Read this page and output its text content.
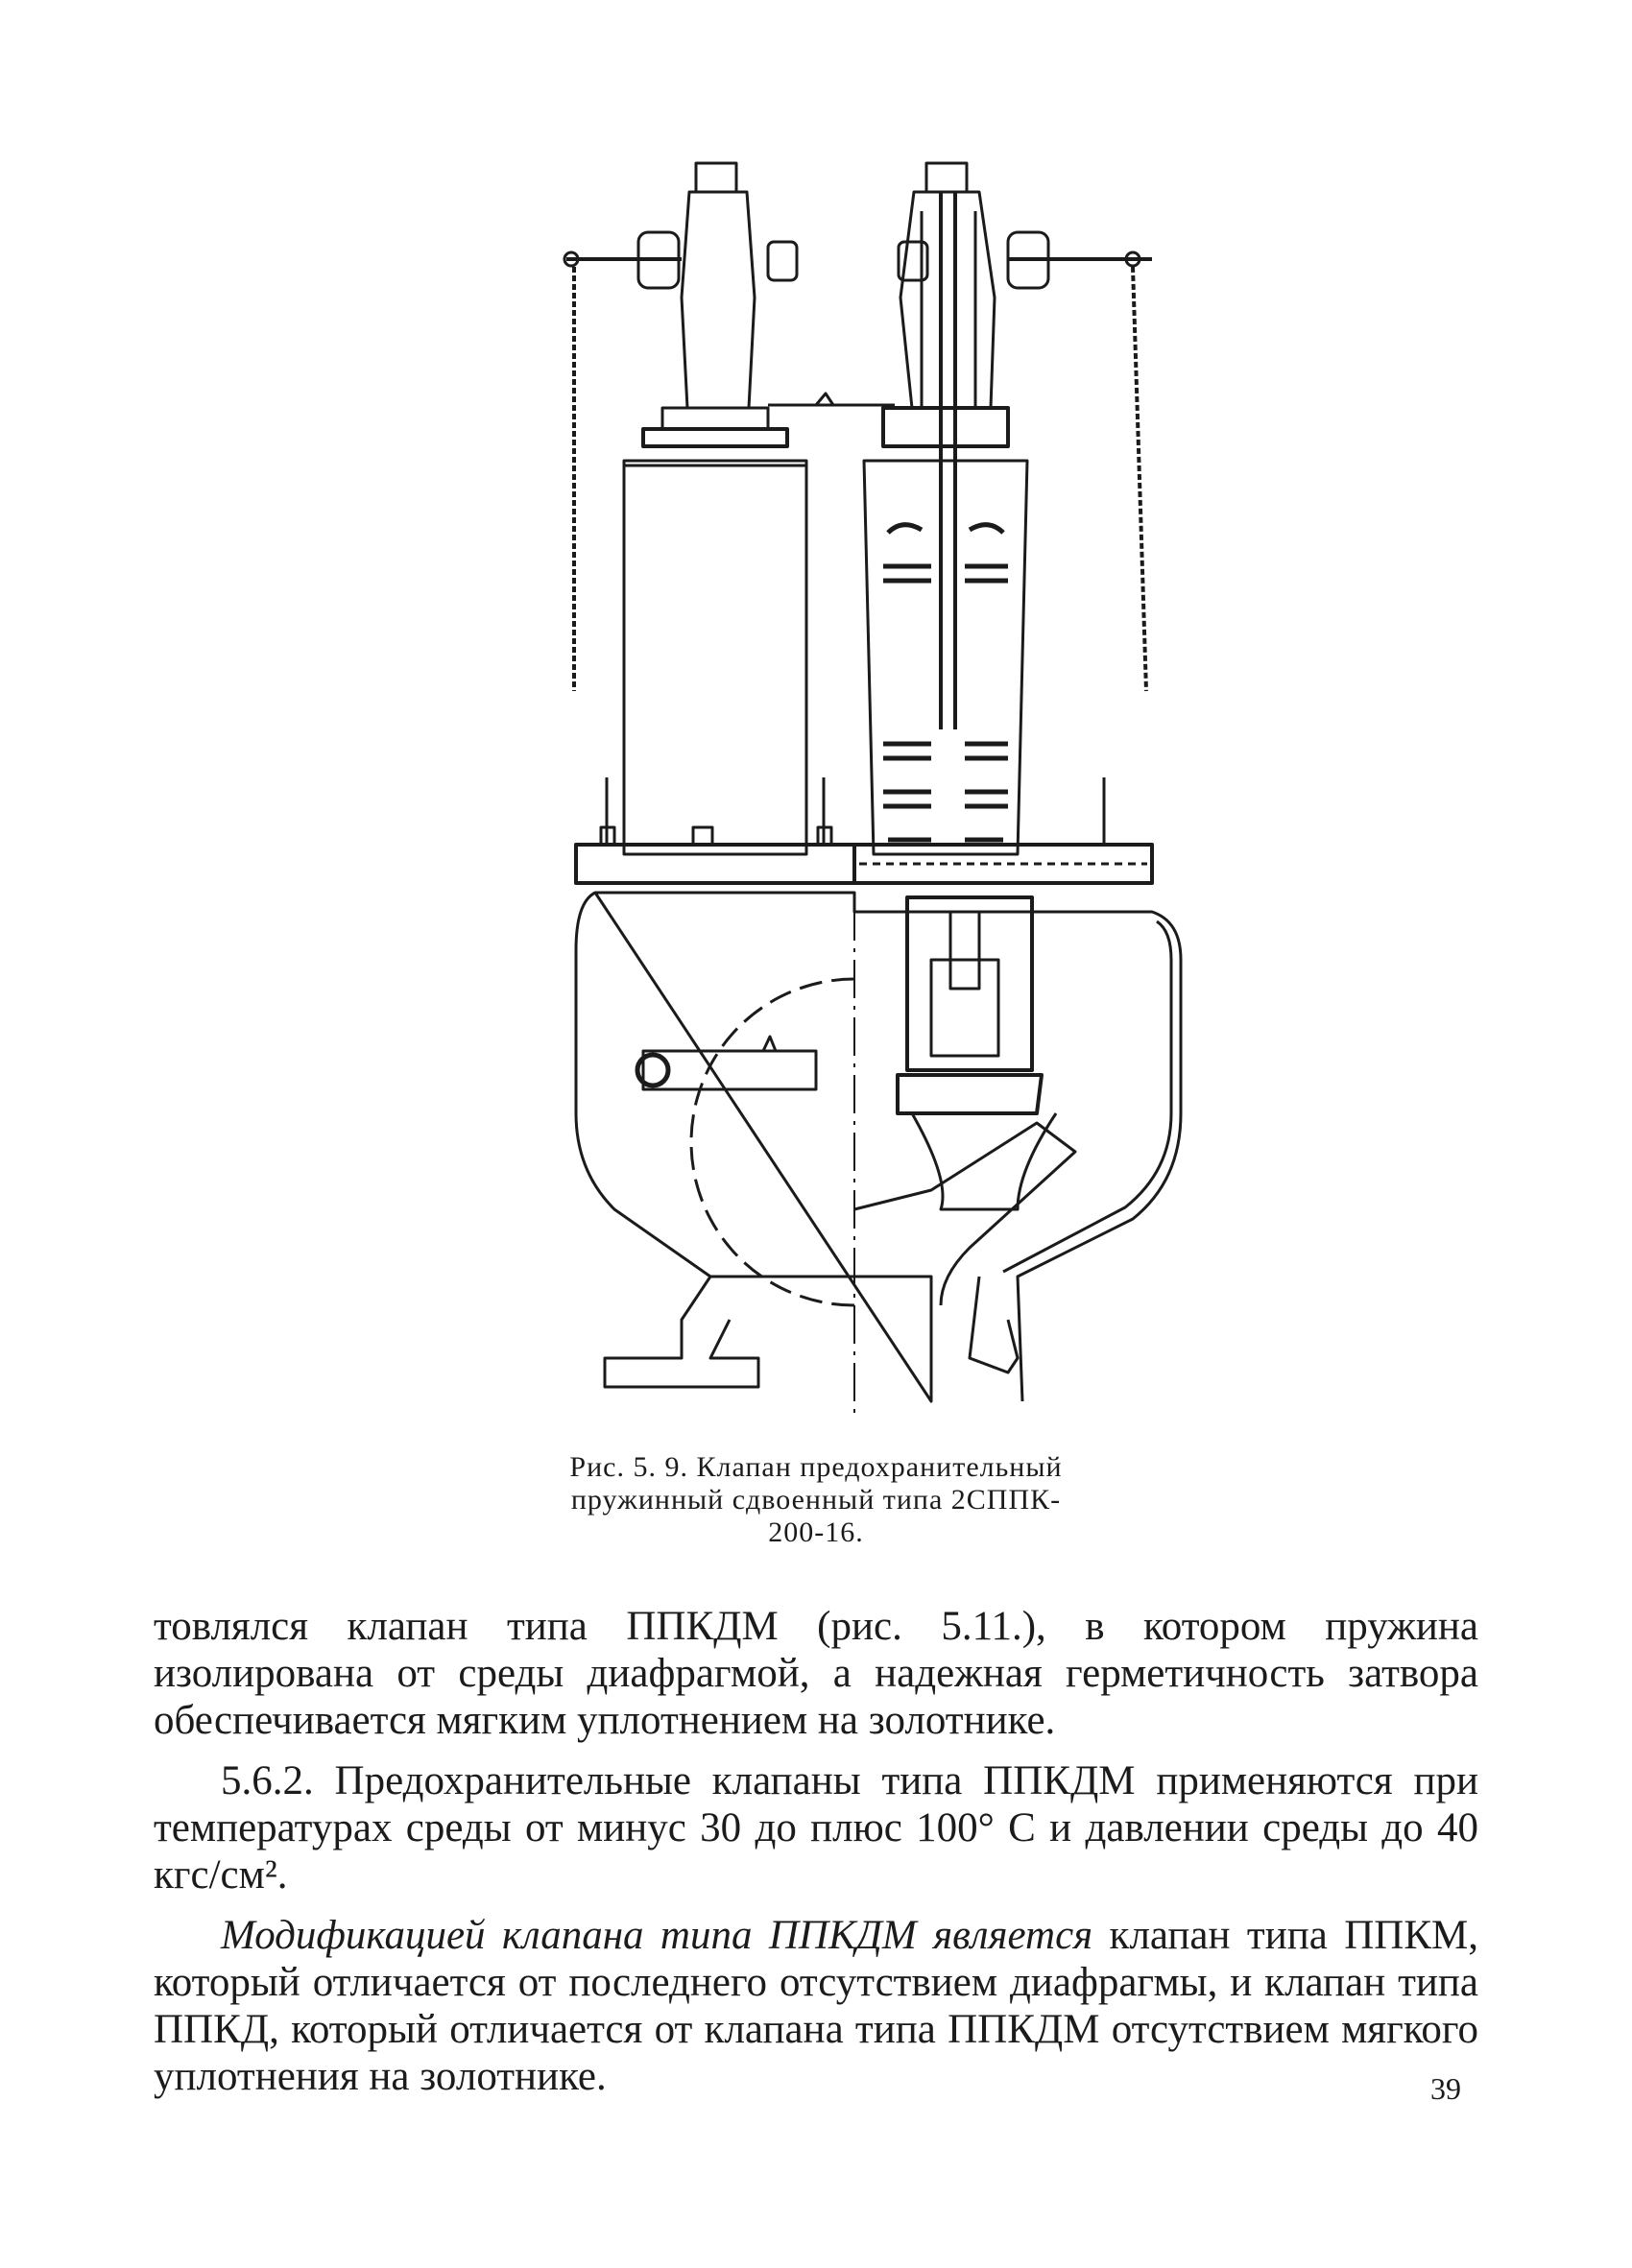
Рис. 5. 9. Клапан предохранительный
пружинный сдвоенный типа 2СППК-
200-16.

товлялся клапан типа ППКДМ (рис. 5.11.), в котором пружина изолирована от среды диафрагмой, а надежная герметичность затвора обеспечивается мягким уплотнением на золотнике.

5.6.2. Предохранительные клапаны типа ППКДМ применяются при температурах среды от минус 30 до плюс 100° С и давлении среды до 40 кгс/см².

Модификацией клапана типа ППКДМ является клапан типа ППКМ, который отличается от последнего отсутствием диафрагмы, и клапан типа ППКД, который отличается от клапана типа ППКДМ отсутствием мягкого уплотнения на золотнике.	39
